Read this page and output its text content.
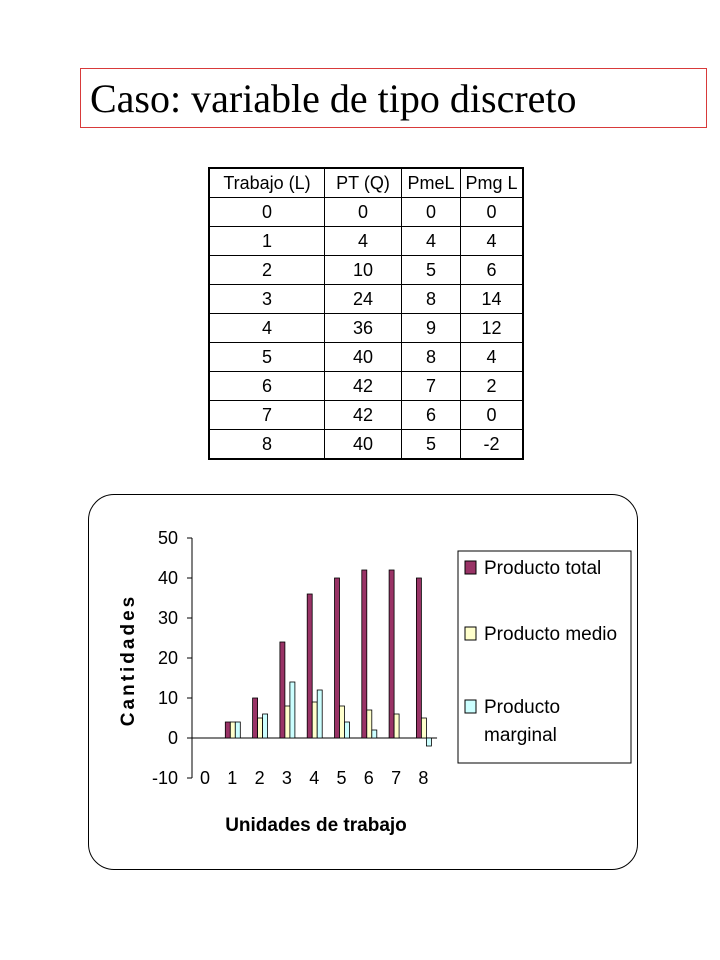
Caso: variable de tipo discreto
Trabajo (L)	PT (Q)	PmeL	Pmg L
0	0	0	0
1	4	4	4
2	10	5	6
3	24	8	14
4	36	9	12
5	40	8	4
6	42	7	2
7	42	6	0
8	40	5	-2
-10
0
10
20
30
40
50
0 1 2 3 4 5 6 7 8
Unidades de trabajo
Cantidades
Producto total
Producto medio
Producto marginal
